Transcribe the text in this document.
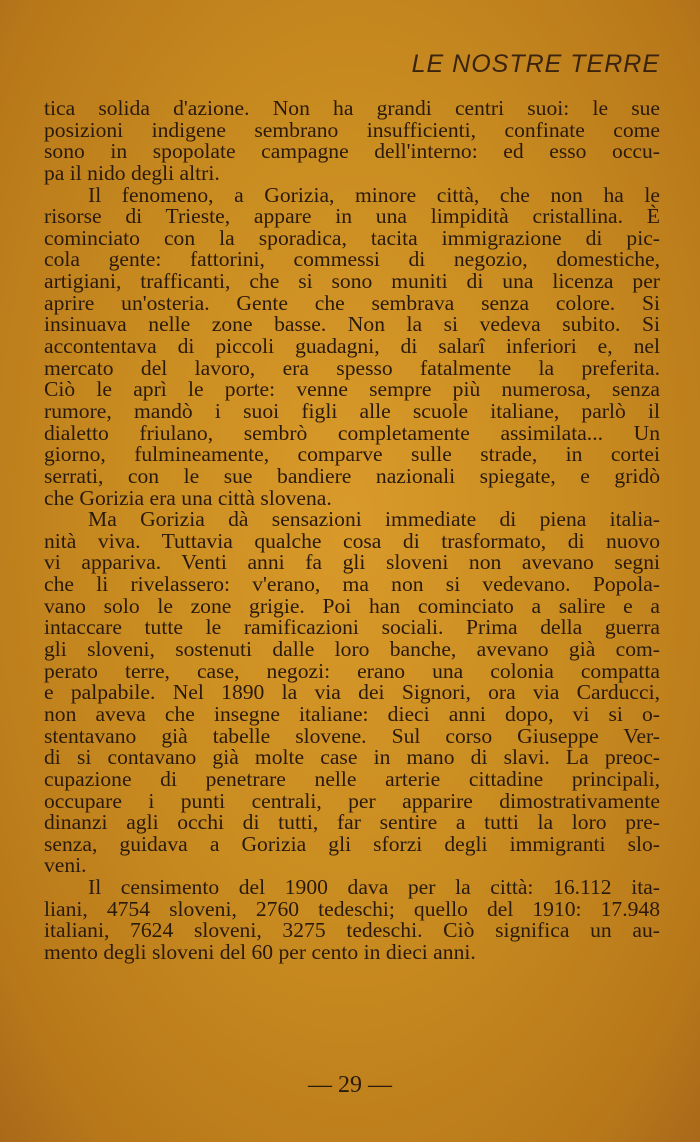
LE NOSTRE TERRE
tica solida d'azione. Non ha grandi centri suoi: le sue
posizioni indigene sembrano insufficienti, confinate come
sono in spopolate campagne dell'interno: ed esso occu-
pa il nido degli altri.
Il fenomeno, a Gorizia, minore città, che non ha le
risorse di Trieste, appare in una limpidità cristallina. È
cominciato con la sporadica, tacita immigrazione di pic-
cola gente: fattorini, commessi di negozio, domestiche,
artigiani, trafficanti, che si sono muniti di una licenza per
aprire un'osteria. Gente che sembrava senza colore. Si
insinuava nelle zone basse. Non la si vedeva subito. Si
accontentava di piccoli guadagni, di salarî inferiori e, nel
mercato del lavoro, era spesso fatalmente la preferita.
Ciò le aprì le porte: venne sempre più numerosa, senza
rumore, mandò i suoi figli alle scuole italiane, parlò il
dialetto friulano, sembrò completamente assimilata... Un
giorno, fulmineamente, comparve sulle strade, in cortei
serrati, con le sue bandiere nazionali spiegate, e gridò
che Gorizia era una città slovena.
Ma Gorizia dà sensazioni immediate di piena italia-
nità viva. Tuttavia qualche cosa di trasformato, di nuovo
vi appariva. Venti anni fa gli sloveni non avevano segni
che li rivelassero: v'erano, ma non si vedevano. Popola-
vano solo le zone grigie. Poi han cominciato a salire e a
intaccare tutte le ramificazioni sociali. Prima della guerra
gli sloveni, sostenuti dalle loro banche, avevano già com-
perato terre, case, negozi: erano una colonia compatta
e palpabile. Nel 1890 la via dei Signori, ora via Carducci,
non aveva che insegne italiane: dieci anni dopo, vi si o-
stentavano già tabelle slovene. Sul corso Giuseppe Ver-
di si contavano già molte case in mano di slavi. La preoc-
cupazione di penetrare nelle arterie cittadine principali,
occupare i punti centrali, per apparire dimostrativamente
dinanzi agli occhi di tutti, far sentire a tutti la loro pre-
senza, guidava a Gorizia gli sforzi degli immigranti slo-
veni.
Il censimento del 1900 dava per la città: 16.112 ita-
liani, 4754 sloveni, 2760 tedeschi; quello del 1910: 17.948
italiani, 7624 sloveni, 3275 tedeschi. Ciò significa un au-
mento degli sloveni del 60 per cento in dieci anni.
— 29 —
